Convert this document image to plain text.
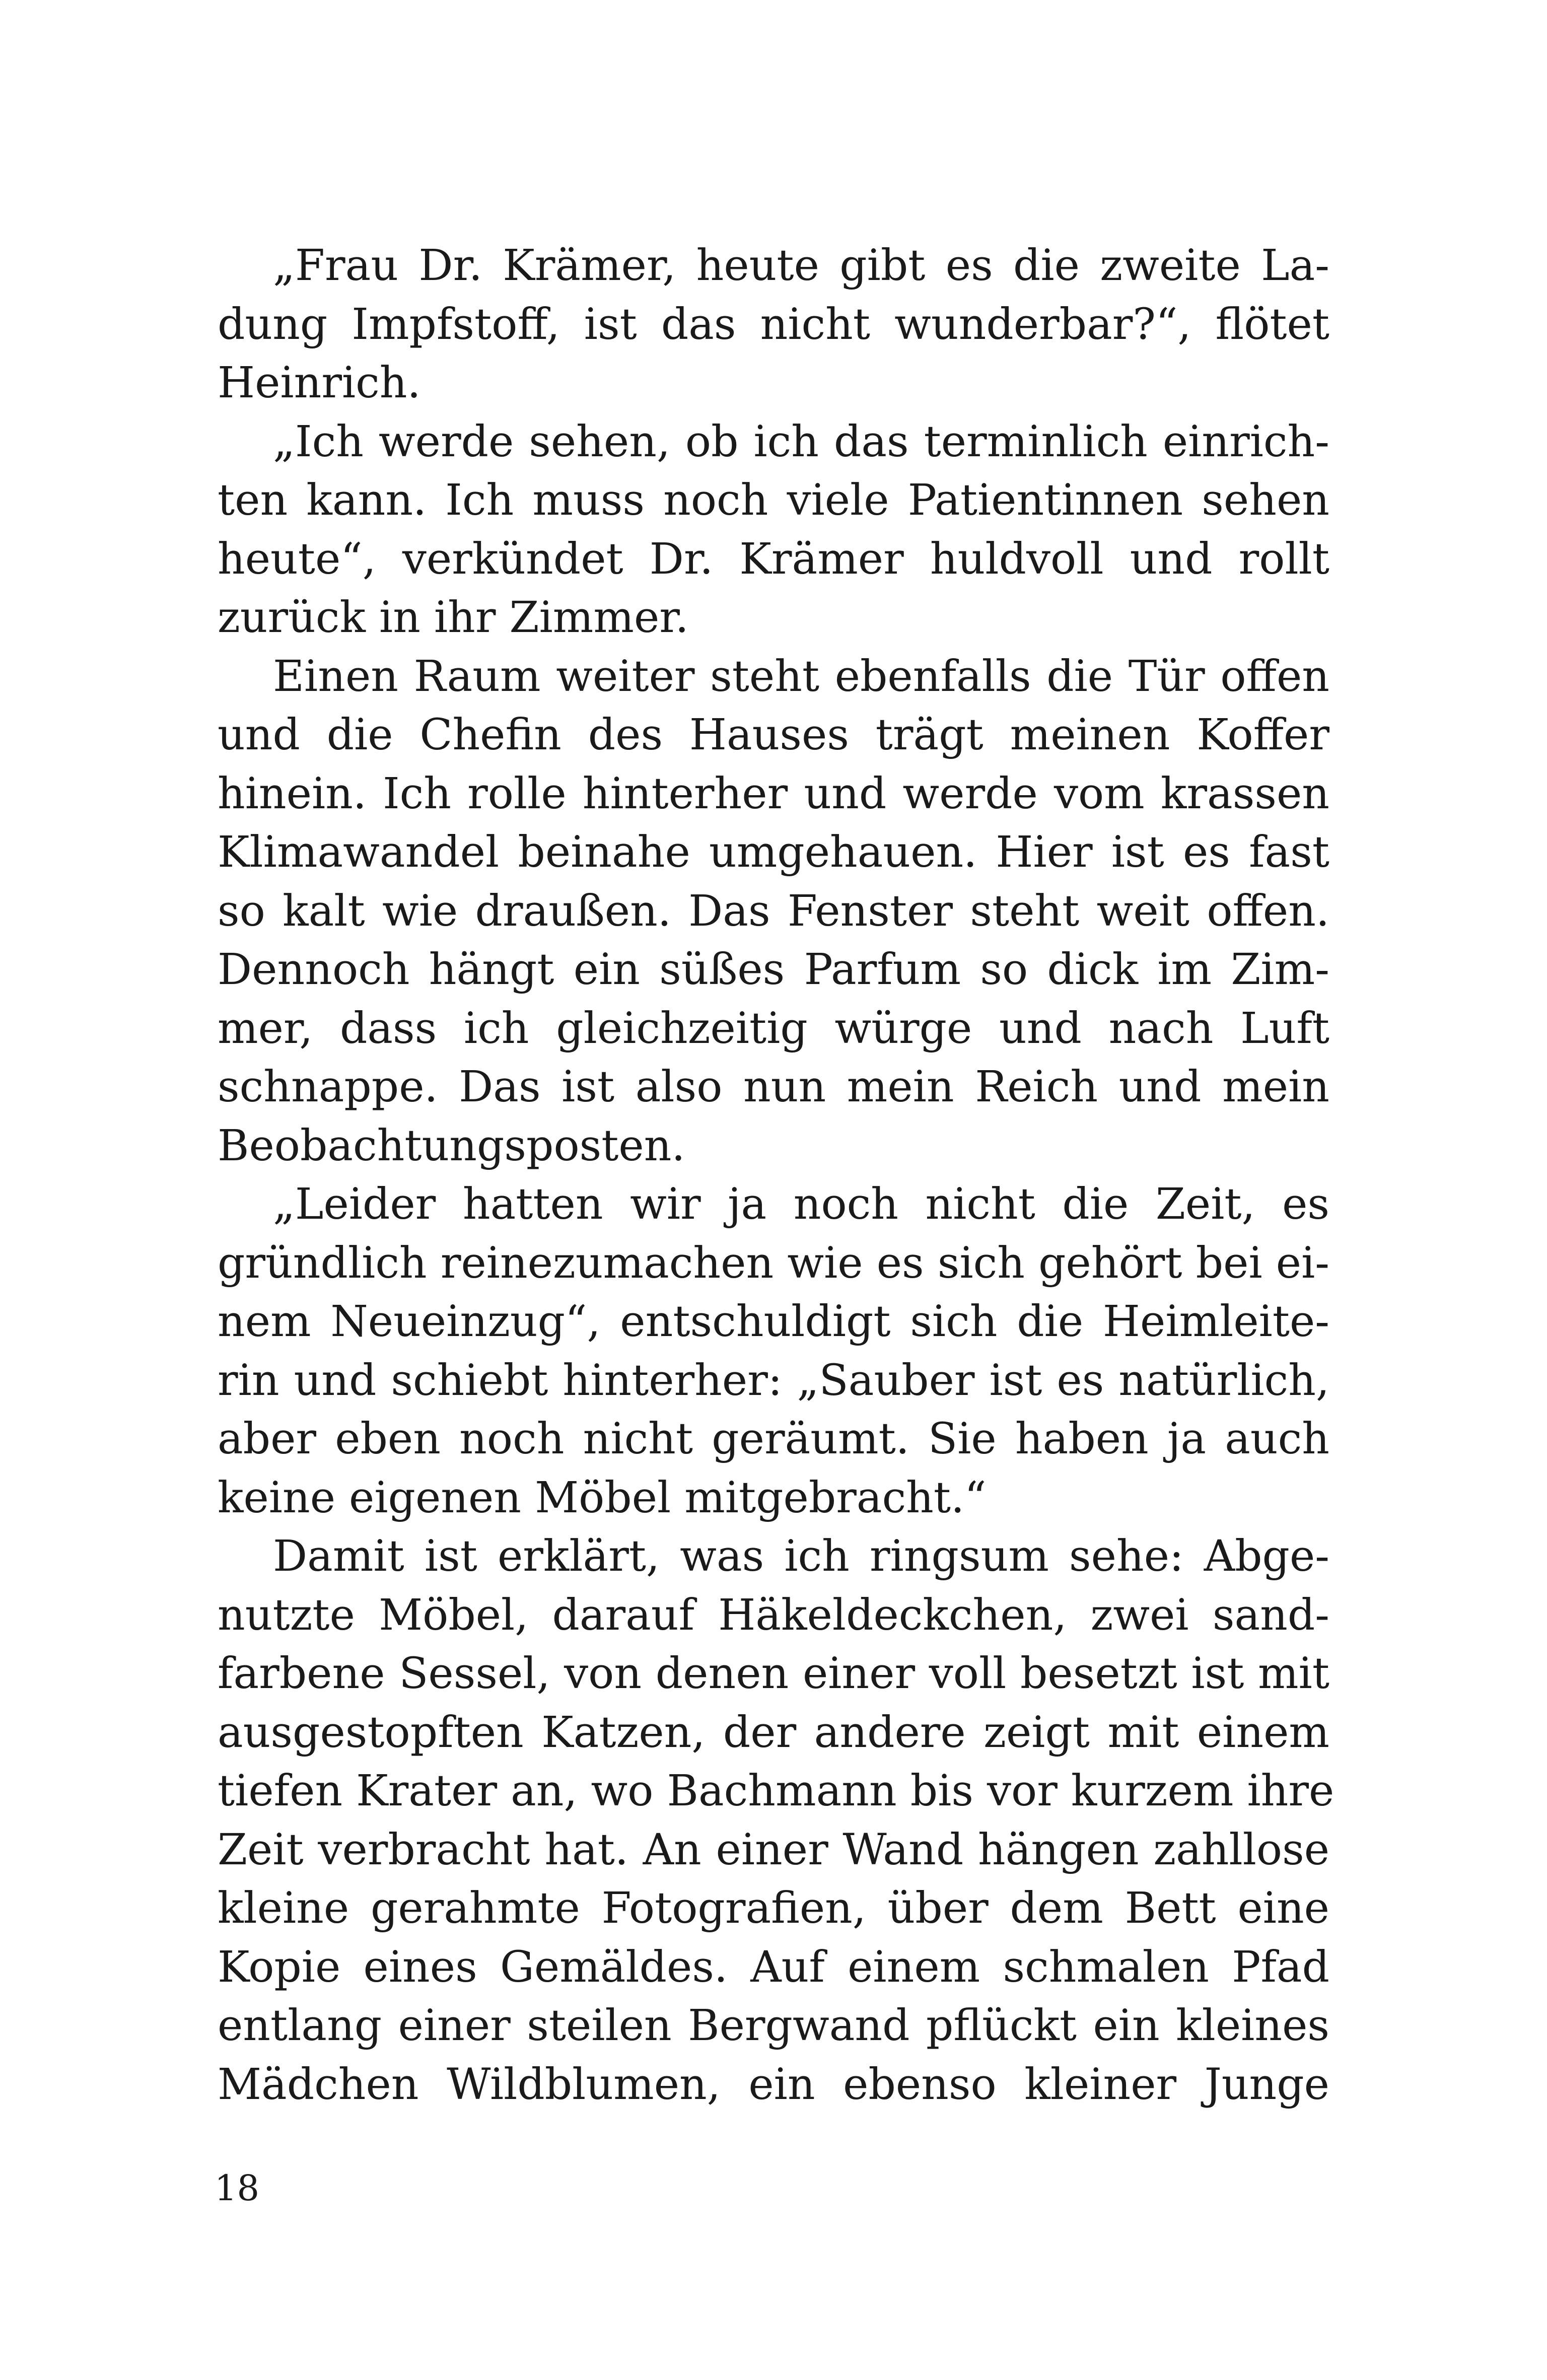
„Frau Dr. Krämer, heute gibt es die zweite La-
dung Impfstoff, ist das nicht wunderbar?“, flötet
Heinrich.
„Ich werde sehen, ob ich das terminlich einrich-
ten kann. Ich muss noch viele Patientinnen sehen
heute“, verkündet Dr. Krämer huldvoll und rollt
zurück in ihr Zimmer.
Einen Raum weiter steht ebenfalls die Tür offen
und die Chefin des Hauses trägt meinen Koffer
hinein. Ich rolle hinterher und werde vom krassen
Klimawandel beinahe umgehauen. Hier ist es fast
so kalt wie draußen. Das Fenster steht weit offen.
Dennoch hängt ein süßes Parfum so dick im Zim-
mer, dass ich gleichzeitig würge und nach Luft
schnappe. Das ist also nun mein Reich und mein
Beobachtungsposten.
„Leider hatten wir ja noch nicht die Zeit, es
gründlich reinezumachen wie es sich gehört bei ei-
nem Neueinzug“, entschuldigt sich die Heimleite-
rin und schiebt hinterher: „Sauber ist es natürlich,
aber eben noch nicht geräumt. Sie haben ja auch
keine eigenen Möbel mitgebracht.“
Damit ist erklärt, was ich ringsum sehe: Abge-
nutzte Möbel, darauf Häkeldeckchen, zwei sand-
farbene Sessel, von denen einer voll besetzt ist mit
ausgestopften Katzen, der andere zeigt mit einem
tiefen Krater an, wo Bachmann bis vor kurzem ihre
Zeit verbracht hat. An einer Wand hängen zahllose
kleine gerahmte Fotografien, über dem Bett eine
Kopie eines Gemäldes. Auf einem schmalen Pfad
entlang einer steilen Bergwand pflückt ein kleines
Mädchen Wildblumen, ein ebenso kleiner Junge
18
